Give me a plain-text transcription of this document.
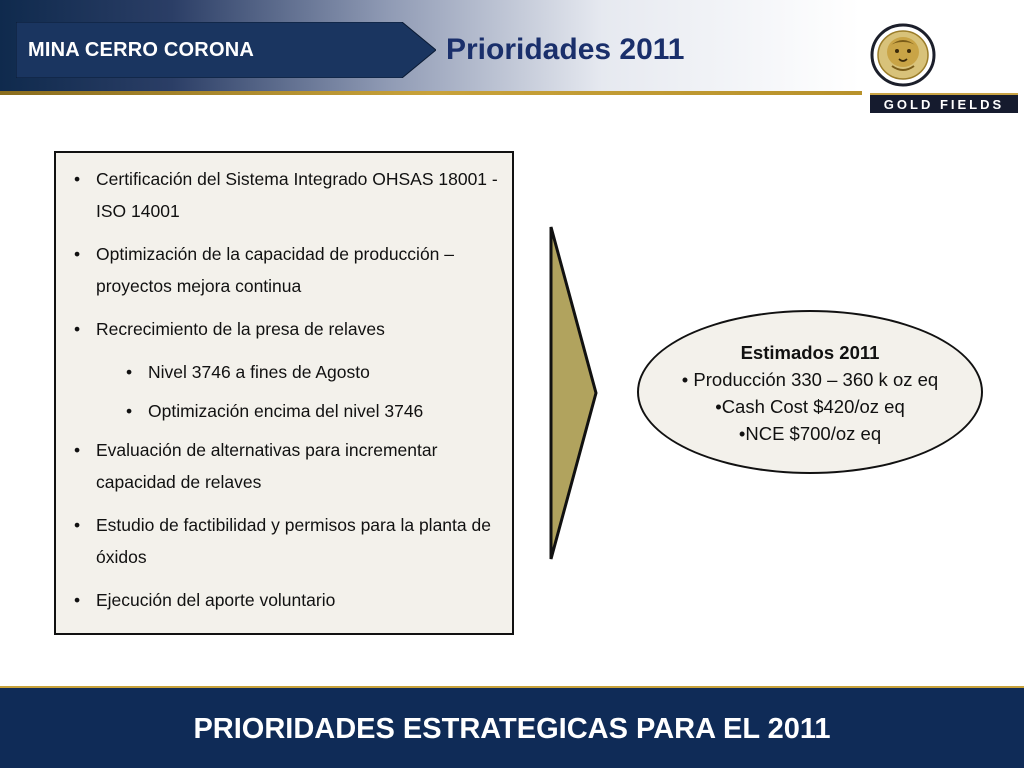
MINA CERRO CORONA	Prioridades 2011
GOLD FIELDS
• Certificación del Sistema Integrado OHSAS 18001 - ISO 14001
• Optimización de la capacidad de producción – proyectos mejora continua
• Recrecimiento de la presa de relaves
• Nivel 3746 a fines de Agosto
• Optimización encima del nivel 3746
• Evaluación de alternativas para incrementar capacidad de relaves
• Estudio de factibilidad y permisos para la planta de óxidos
• Ejecución del aporte voluntario
Estimados 2011
• Producción 330 – 360 k oz eq
•Cash Cost $420/oz eq
•NCE $700/oz eq
PRIORIDADES ESTRATEGICAS PARA EL 2011
